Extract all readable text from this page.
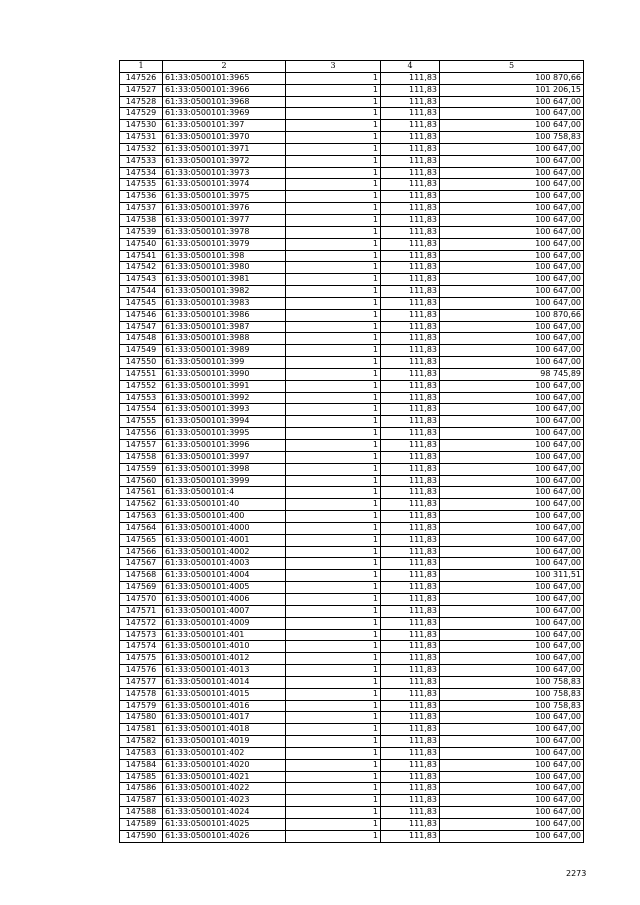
1	2	3	4	5
147526	61:33:0500101:3965	1	111,83	100 870,66
147527	61:33:0500101:3966	1	111,83	101 206,15
147528	61:33:0500101:3968	1	111,83	100 647,00
147529	61:33:0500101:3969	1	111,83	100 647,00
147530	61:33:0500101:397	1	111,83	100 647,00
147531	61:33:0500101:3970	1	111,83	100 758,83
147532	61:33:0500101:3971	1	111,83	100 647,00
147533	61:33:0500101:3972	1	111,83	100 647,00
147534	61:33:0500101:3973	1	111,83	100 647,00
147535	61:33:0500101:3974	1	111,83	100 647,00
147536	61:33:0500101:3975	1	111,83	100 647,00
147537	61:33:0500101:3976	1	111,83	100 647,00
147538	61:33:0500101:3977	1	111,83	100 647,00
147539	61:33:0500101:3978	1	111,83	100 647,00
147540	61:33:0500101:3979	1	111,83	100 647,00
147541	61:33:0500101:398	1	111,83	100 647,00
147542	61:33:0500101:3980	1	111,83	100 647,00
147543	61:33:0500101:3981	1	111,83	100 647,00
147544	61:33:0500101:3982	1	111,83	100 647,00
147545	61:33:0500101:3983	1	111,83	100 647,00
147546	61:33:0500101:3986	1	111,83	100 870,66
147547	61:33:0500101:3987	1	111,83	100 647,00
147548	61:33:0500101:3988	1	111,83	100 647,00
147549	61:33:0500101:3989	1	111,83	100 647,00
147550	61:33:0500101:399	1	111,83	100 647,00
147551	61:33:0500101:3990	1	111,83	98 745,89
147552	61:33:0500101:3991	1	111,83	100 647,00
147553	61:33:0500101:3992	1	111,83	100 647,00
147554	61:33:0500101:3993	1	111,83	100 647,00
147555	61:33:0500101:3994	1	111,83	100 647,00
147556	61:33:0500101:3995	1	111,83	100 647,00
147557	61:33:0500101:3996	1	111,83	100 647,00
147558	61:33:0500101:3997	1	111,83	100 647,00
147559	61:33:0500101:3998	1	111,83	100 647,00
147560	61:33:0500101:3999	1	111,83	100 647,00
147561	61:33:0500101:4	1	111,83	100 647,00
147562	61:33:0500101:40	1	111,83	100 647,00
147563	61:33:0500101:400	1	111,83	100 647,00
147564	61:33:0500101:4000	1	111,83	100 647,00
147565	61:33:0500101:4001	1	111,83	100 647,00
147566	61:33:0500101:4002	1	111,83	100 647,00
147567	61:33:0500101:4003	1	111,83	100 647,00
147568	61:33:0500101:4004	1	111,83	100 311,51
147569	61:33:0500101:4005	1	111,83	100 647,00
147570	61:33:0500101:4006	1	111,83	100 647,00
147571	61:33:0500101:4007	1	111,83	100 647,00
147572	61:33:0500101:4009	1	111,83	100 647,00
147573	61:33:0500101:401	1	111,83	100 647,00
147574	61:33:0500101:4010	1	111,83	100 647,00
147575	61:33:0500101:4012	1	111,83	100 647,00
147576	61:33:0500101:4013	1	111,83	100 647,00
147577	61:33:0500101:4014	1	111,83	100 758,83
147578	61:33:0500101:4015	1	111,83	100 758,83
147579	61:33:0500101:4016	1	111,83	100 758,83
147580	61:33:0500101:4017	1	111,83	100 647,00
147581	61:33:0500101:4018	1	111,83	100 647,00
147582	61:33:0500101:4019	1	111,83	100 647,00
147583	61:33:0500101:402	1	111,83	100 647,00
147584	61:33:0500101:4020	1	111,83	100 647,00
147585	61:33:0500101:4021	1	111,83	100 647,00
147586	61:33:0500101:4022	1	111,83	100 647,00
147587	61:33:0500101:4023	1	111,83	100 647,00
147588	61:33:0500101:4024	1	111,83	100 647,00
147589	61:33:0500101:4025	1	111,83	100 647,00
147590	61:33:0500101:4026	1	111,83	100 647,00
2273
